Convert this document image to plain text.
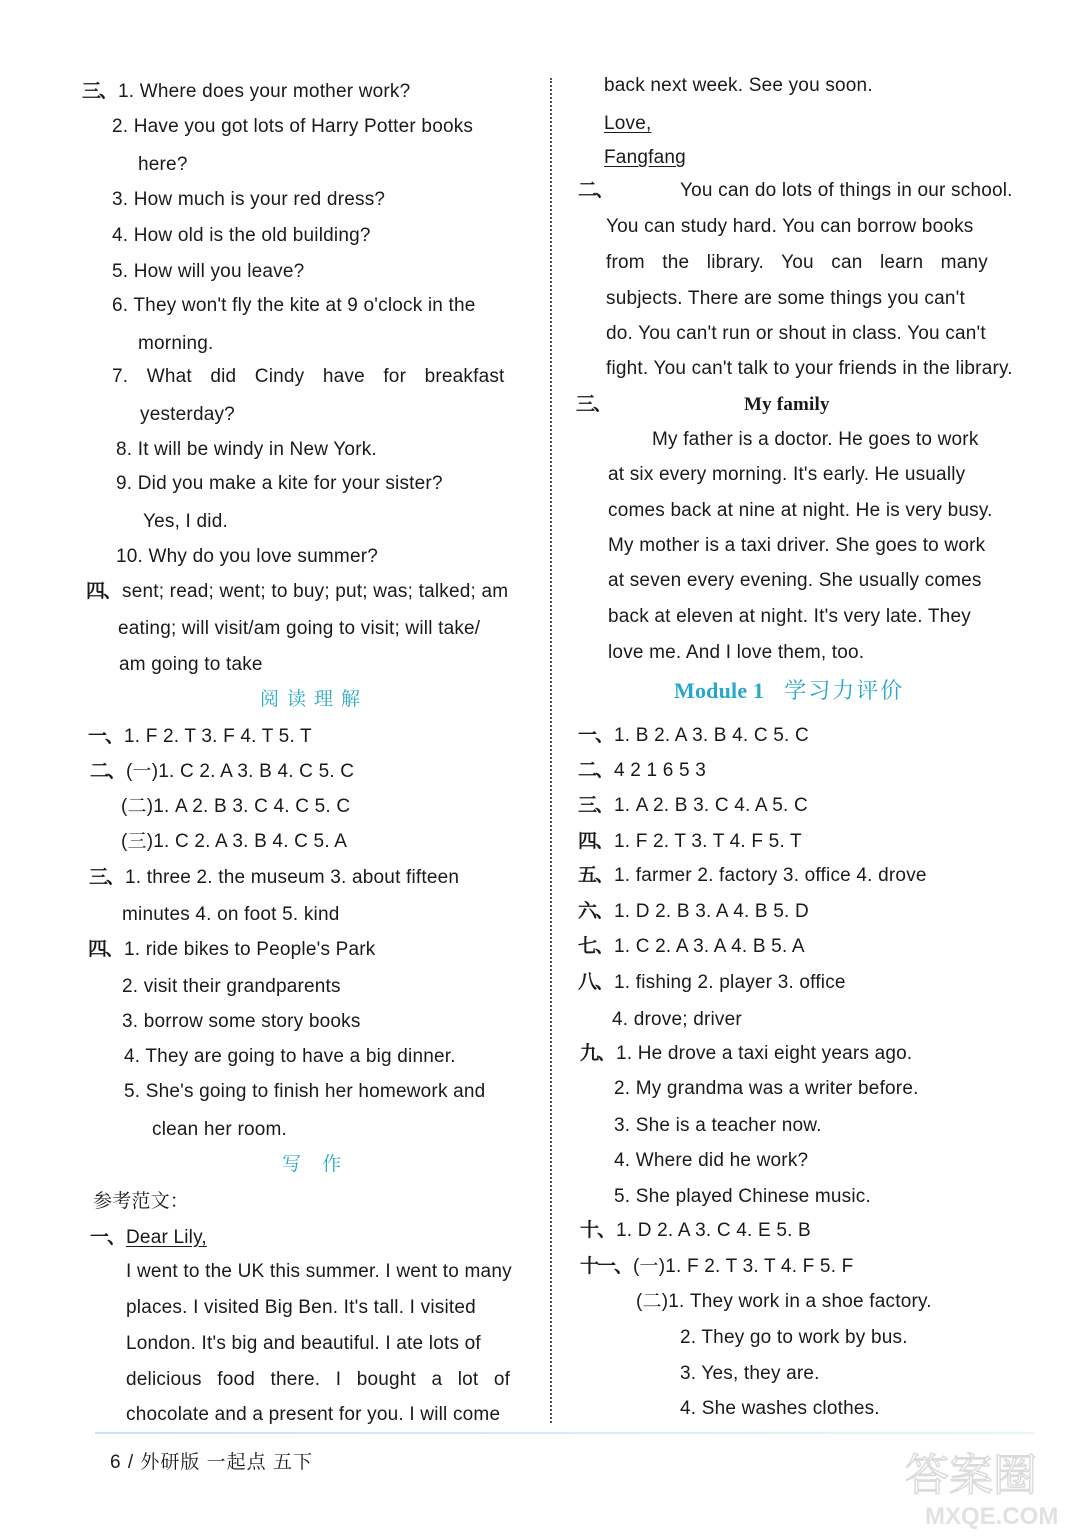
三、 1. Where does your mother work?
2. Have you got lots of Harry Potter books
here?
3. How much is your red dress?
4. How old is the old building?
5. How will you leave?
6. They won't fly the kite at 9 o'clock in the
morning.
7. What did Cindy have for breakfast
yesterday?
8. It will be windy in New York.
9. Did you make a kite for your sister?
Yes, I did.
10. Why do you love summer?
四、 sent; read; went; to buy; put; was; talked; am
eating; will visit/am going to visit; will take/
am going to take
阅读理解
一、 1. F 2. T 3. F 4. T 5. T
二、 (一)1. C 2. A 3. B 4. C 5. C
(二)1. A 2. B 3. C 4. C 5. C
(三)1. C 2. A 3. B 4. C 5. A
三、 1. three 2. the museum 3. about fifteen
minutes 4. on foot 5. kind
四、 1. ride bikes to People's Park
2. visit their grandparents
3. borrow some story books
4. They are going to have a big dinner.
5. She's going to finish her homework and
clean her room.
写 作
参考范文：
一、 Dear Lily,
I went to the UK this summer. I went to many
places. I visited Big Ben. It's tall. I visited
London. It's big and beautiful. I ate lots of
delicious food there. I bought a lot of
chocolate and a present for you. I will come
back next week. See you soon.
Love,
Fangfang
二、	You can do lots of things in our school.
You can study hard. You can borrow books
from the library. You can learn many
subjects. There are some things you can't
do. You can't run or shout in class. You can't
fight. You can't talk to your friends in the library.
三、	My family
My father is a doctor. He goes to work
at six every morning. It's early. He usually
comes back at nine at night. He is very busy.
My mother is a taxi driver. She goes to work
at seven every evening. She usually comes
back at eleven at night. It's very late. They
love me. And I love them, too.
Module 1 学习力评价
一、 1. B 2. A 3. B 4. C 5. C
二、 4 2 1 6 5 3
三、 1. A 2. B 3. C 4. A 5. C
四、 1. F 2. T 3. T 4. F 5. T
五、 1. farmer 2. factory 3. office 4. drove
六、 1. D 2. B 3. A 4. B 5. D
七、 1. C 2. A 3. A 4. B 5. A
八、 1. fishing 2. player 3. office
4. drove; driver
九、 1. He drove a taxi eight years ago.
2. My grandma was a writer before.
3. She is a teacher now.
4. Where did he work?
5. She played Chinese music.
十、 1. D 2. A 3. C 4. E 5. B
十一、 (一)1. F 2. T 3. T 4. F 5. F
(二)1. They work in a shoe factory.
2. They go to work by bus.
3. Yes, they are.
4. She washes clothes.
6 / 外研版 一起点 五下	答案圈
MXQE.COM
